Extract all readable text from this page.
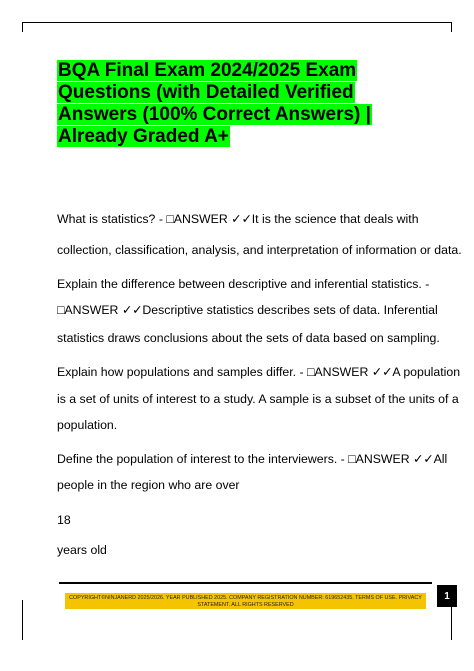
BQA Final Exam 2024/2025 Exam Questions (with Detailed Verified Answers (100% Correct Answers) | Already Graded A+
What is statistics? - □ANSWER ✓✓It is the science that deals with
collection, classification, analysis, and interpretation of information or data.
Explain the difference between descriptive and inferential statistics. -
□ANSWER ✓✓Descriptive statistics describes sets of data. Inferential
statistics draws conclusions about the sets of data based on sampling.
Explain how populations and samples differ. - □ANSWER ✓✓A population
is a set of units of interest to a study. A sample is a subset of the units of a
population.
Define the population of interest to the interviewers. - □ANSWER ✓✓All
people in the region who are over
18
years old
COPYRIGHT©NINJANERD 2025/2026. YEAR PUBLISHED 2025. COMPANY REGISTRATION NUMBER: 619652435. TERMS OF USE. PRIVACY STATEMENT. ALL RIGHTS RESERVED
1
